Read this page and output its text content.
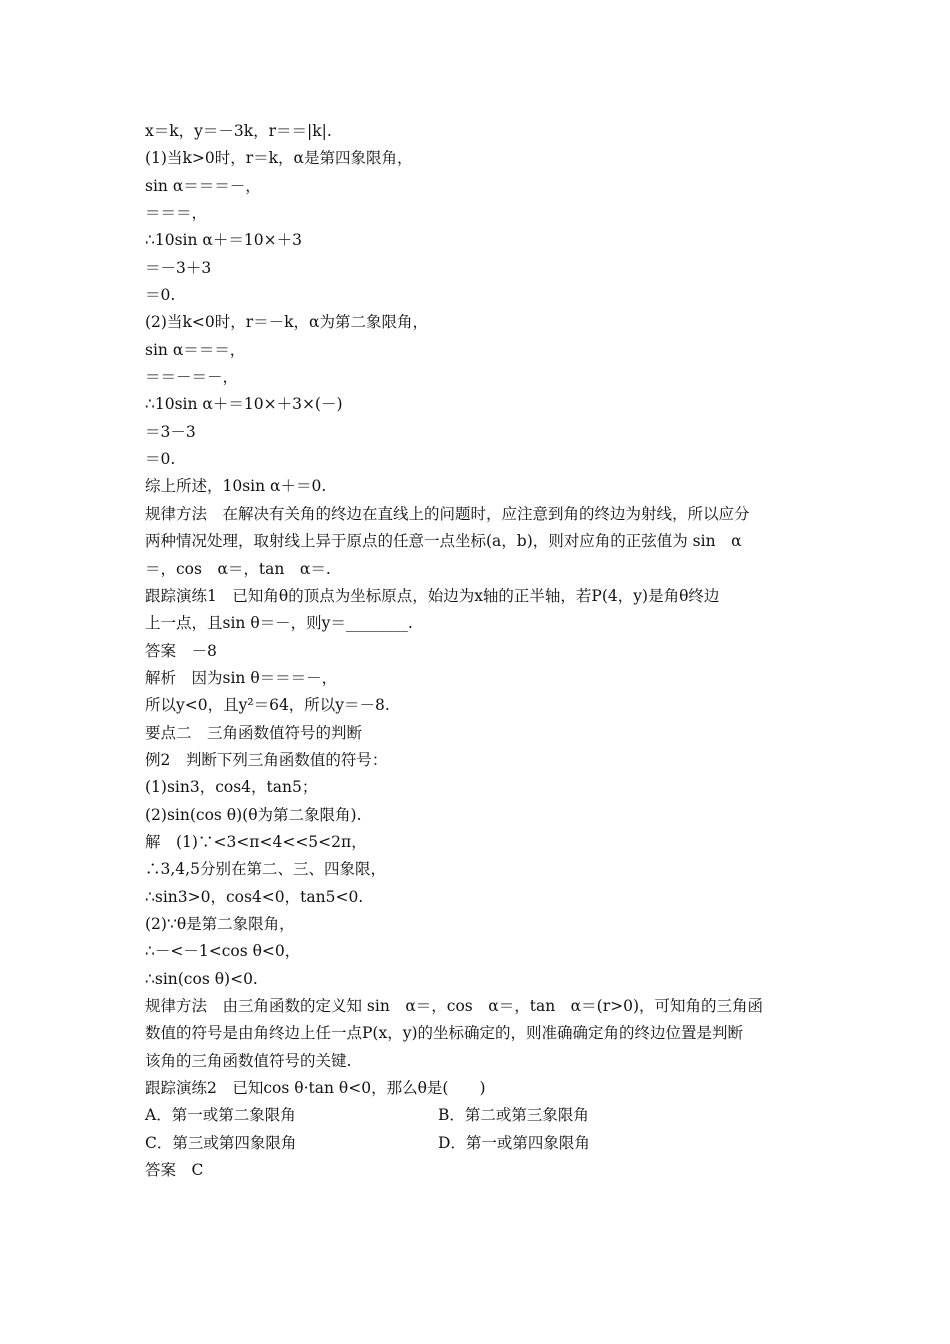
x＝k，y＝－3k，r＝＝|k|.
(1)当k>0时，r＝k，α是第四象限角，
sin α＝＝＝－，
＝＝＝，
∴10sin α＋＝10×＋3
＝－3＋3
＝0.
(2)当k<0时，r＝－k，α为第二象限角，
sin α＝＝＝，
＝＝－＝－，
∴10sin α＋＝10×＋3×(－)
＝3－3
＝0.
综上所述，10sin α＋＝0.
规律方法　在解决有关角的终边在直线上的问题时，应注意到角的终边为射线，所以应分
两种情况处理，取射线上异于原点的任意一点坐标(a，b)，则对应角的正弦值为 sin　α
＝，cos　α＝，tan　α＝.
跟踪演练1　已知角θ的顶点为坐标原点，始边为x轴的正半轴，若P(4，y)是角θ终边
上一点，且sin θ＝－，则y＝________.
答案　－8
解析　因为sin θ＝＝＝－，
所以y<0，且y²＝64，所以y＝－8.
要点二　三角函数值符号的判断
例2　判断下列三角函数值的符号：
(1)sin3，cos4，tan5；
(2)sin(cos θ)(θ为第二象限角).
解　(1)∵<3<π<4<<5<2π，
∴3,4,5分别在第二、三、四象限，
∴sin3>0，cos4<0，tan5<0.
(2)∵θ是第二象限角，
∴－<－1<cos θ<0，
∴sin(cos θ)<0.
规律方法　由三角函数的定义知 sin　α＝，cos　α＝，tan　α＝(r>0)，可知角的三角函
数值的符号是由角终边上任一点P(x，y)的坐标确定的，则准确确定角的终边位置是判断
该角的三角函数值符号的关键.
跟踪演练2　已知cos θ·tan θ<0，那么θ是(　　)
A．第一或第二象限角	B．第二或第三象限角
C．第三或第四象限角	D．第一或第四象限角
答案　C
